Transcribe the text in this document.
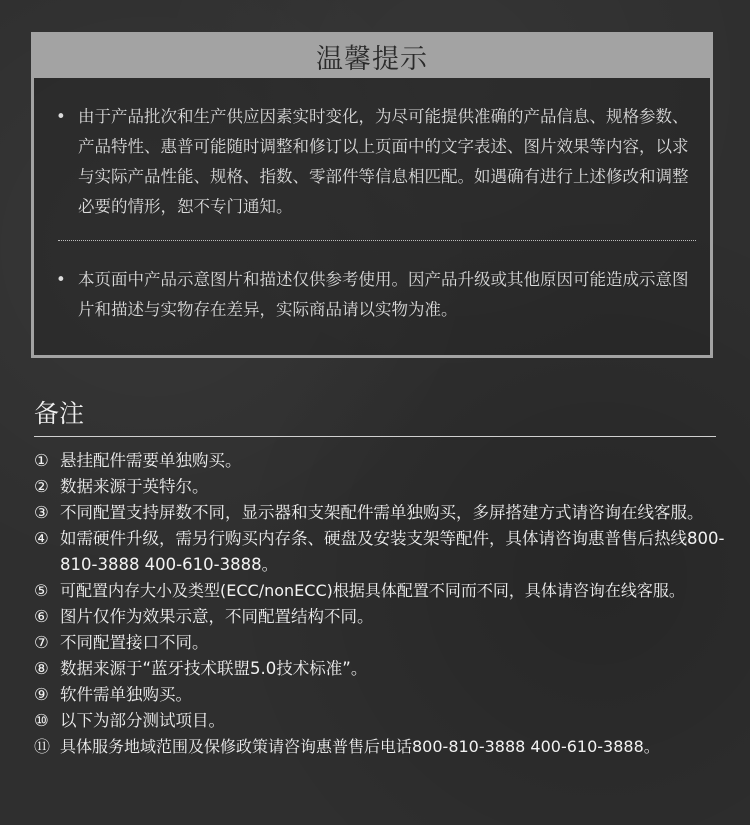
温馨提示
• 由于产品批次和生产供应因素实时变化，为尽可能提供准确的产品信息、规格参数、产品特性、惠普可能随时调整和修订以上页面中的文字表述、图片效果等内容，以求与实际产品性能、规格、指数、零部件等信息相匹配。如遇确有进行上述修改和调整必要的情形，恕不专门通知。
• 本页面中产品示意图片和描述仅供参考使用。因产品升级或其他原因可能造成示意图片和描述与实物存在差异，实际商品请以实物为准。
备注
① 悬挂配件需要单独购买。
② 数据来源于英特尔。
③ 不同配置支持屏数不同，显示器和支架配件需单独购买，多屏搭建方式请咨询在线客服。
④ 如需硬件升级，需另行购买内存条、硬盘及安装支架等配件，具体请咨询惠普售后热线800-810-3888 400-610-3888。
⑤ 可配置内存大小及类型(ECC/nonECC)根据具体配置不同而不同，具体请咨询在线客服。
⑥ 图片仅作为效果示意，不同配置结构不同。
⑦ 不同配置接口不同。
⑧ 数据来源于“蓝牙技术联盟5.0技术标准”。
⑨ 软件需单独购买。
⑩ 以下为部分测试项目。
⑪ 具体服务地域范围及保修政策请咨询惠普售后电话800-810-3888 400-610-3888。
